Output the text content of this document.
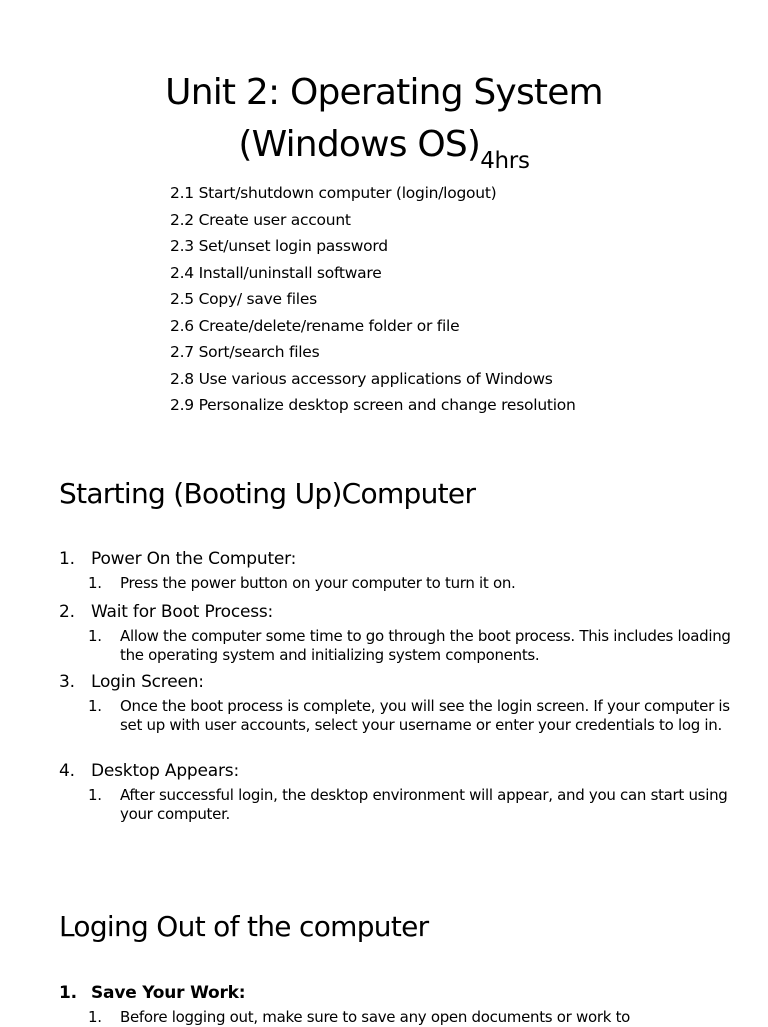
Unit 2: Operating System
(Windows $OS)_{4hrs}$
2.1 Start/shutdown computer (login/logout)
2.2 Create user account
2.3 Set/unset login password
2.4 Install/uninstall software
2.5 Copy/ save files
2.6 Create/delete/rename folder or file
2.7 Sort/search files
2.8 Use various accessory applications of Windows
2.9 Personalize desktop screen and change resolution
Starting (Booting Up)Computer
1. Power On the Computer:
1. Press the power button on your computer to turn it on.
2. Wait for Boot Process:
1. Allow the computer some time to go through the boot process. This includes loading the operating system and initializing system components.
3. Login Screen:
1. Once the boot process is complete, you will see the login screen. If your computer is set up with user accounts, select your username or enter your credentials to log in.
4. Desktop Appears:
1. After successful login, the desktop environment will appear, and you can start using your computer.
Loging Out of the computer
1. Save Your Work:
1. Before logging out, make sure to save any open documents or work to
